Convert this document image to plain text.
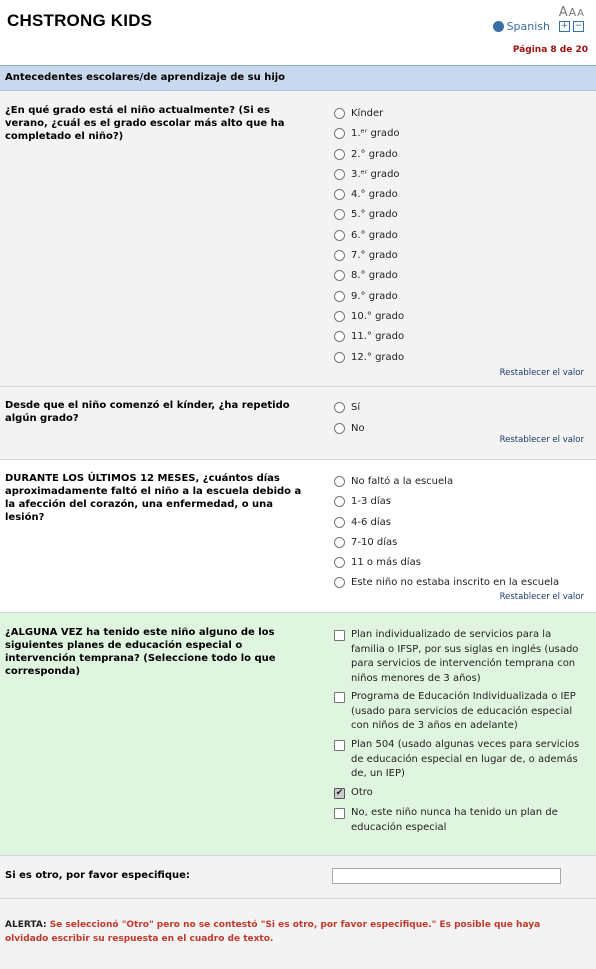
CHSTRONG KIDS	AAA
Spanish + −
Página 8 de 20
Antecedentes escolares/de aprendizaje de su hijo
¿En qué grado está el niño actualmente? (Si es verano, ¿cuál es el grado escolar más alto que ha completado el niño?)
Kínder
1.ᵉʳ grado
2.° grado
3.ᵉʳ grado
4.° grado
5.° grado
6.° grado
7.° grado
8.° grado
9.° grado
10.° grado
11.° grado
12.° grado
Restablecer el valor
Desde que el niño comenzó el kínder, ¿ha repetido algún grado?
Sí
No
Restablecer el valor
DURANTE LOS ÚLTIMOS 12 MESES, ¿cuántos días aproximadamente faltó el niño a la escuela debido a la afección del corazón, una enfermedad, o una lesión?
No faltó a la escuela
1-3 días
4-6 días
7-10 días
11 o más días
Este niño no estaba inscrito en la escuela
Restablecer el valor
¿ALGUNA VEZ ha tenido este niño alguno de los siguientes planes de educación especial o intervención temprana? (Seleccione todo lo que corresponda)
Plan individualizado de servicios para la familia o IFSP, por sus siglas en inglés (usado para servicios de intervención temprana con niños menores de 3 años)
Programa de Educación Individualizada o IEP (usado para servicios de educación especial con niños de 3 años en adelante)
Plan 504 (usado algunas veces para servicios de educación especial en lugar de, o además de, un IEP)
✔ Otro
No, este niño nunca ha tenido un plan de educación especial
Si es otro, por favor especifique:
ALERTA: Se seleccionó "Otro" pero no se contestó "Si es otro, por favor especifique." Es posible que haya olvidado escribir su respuesta en el cuadro de texto.
